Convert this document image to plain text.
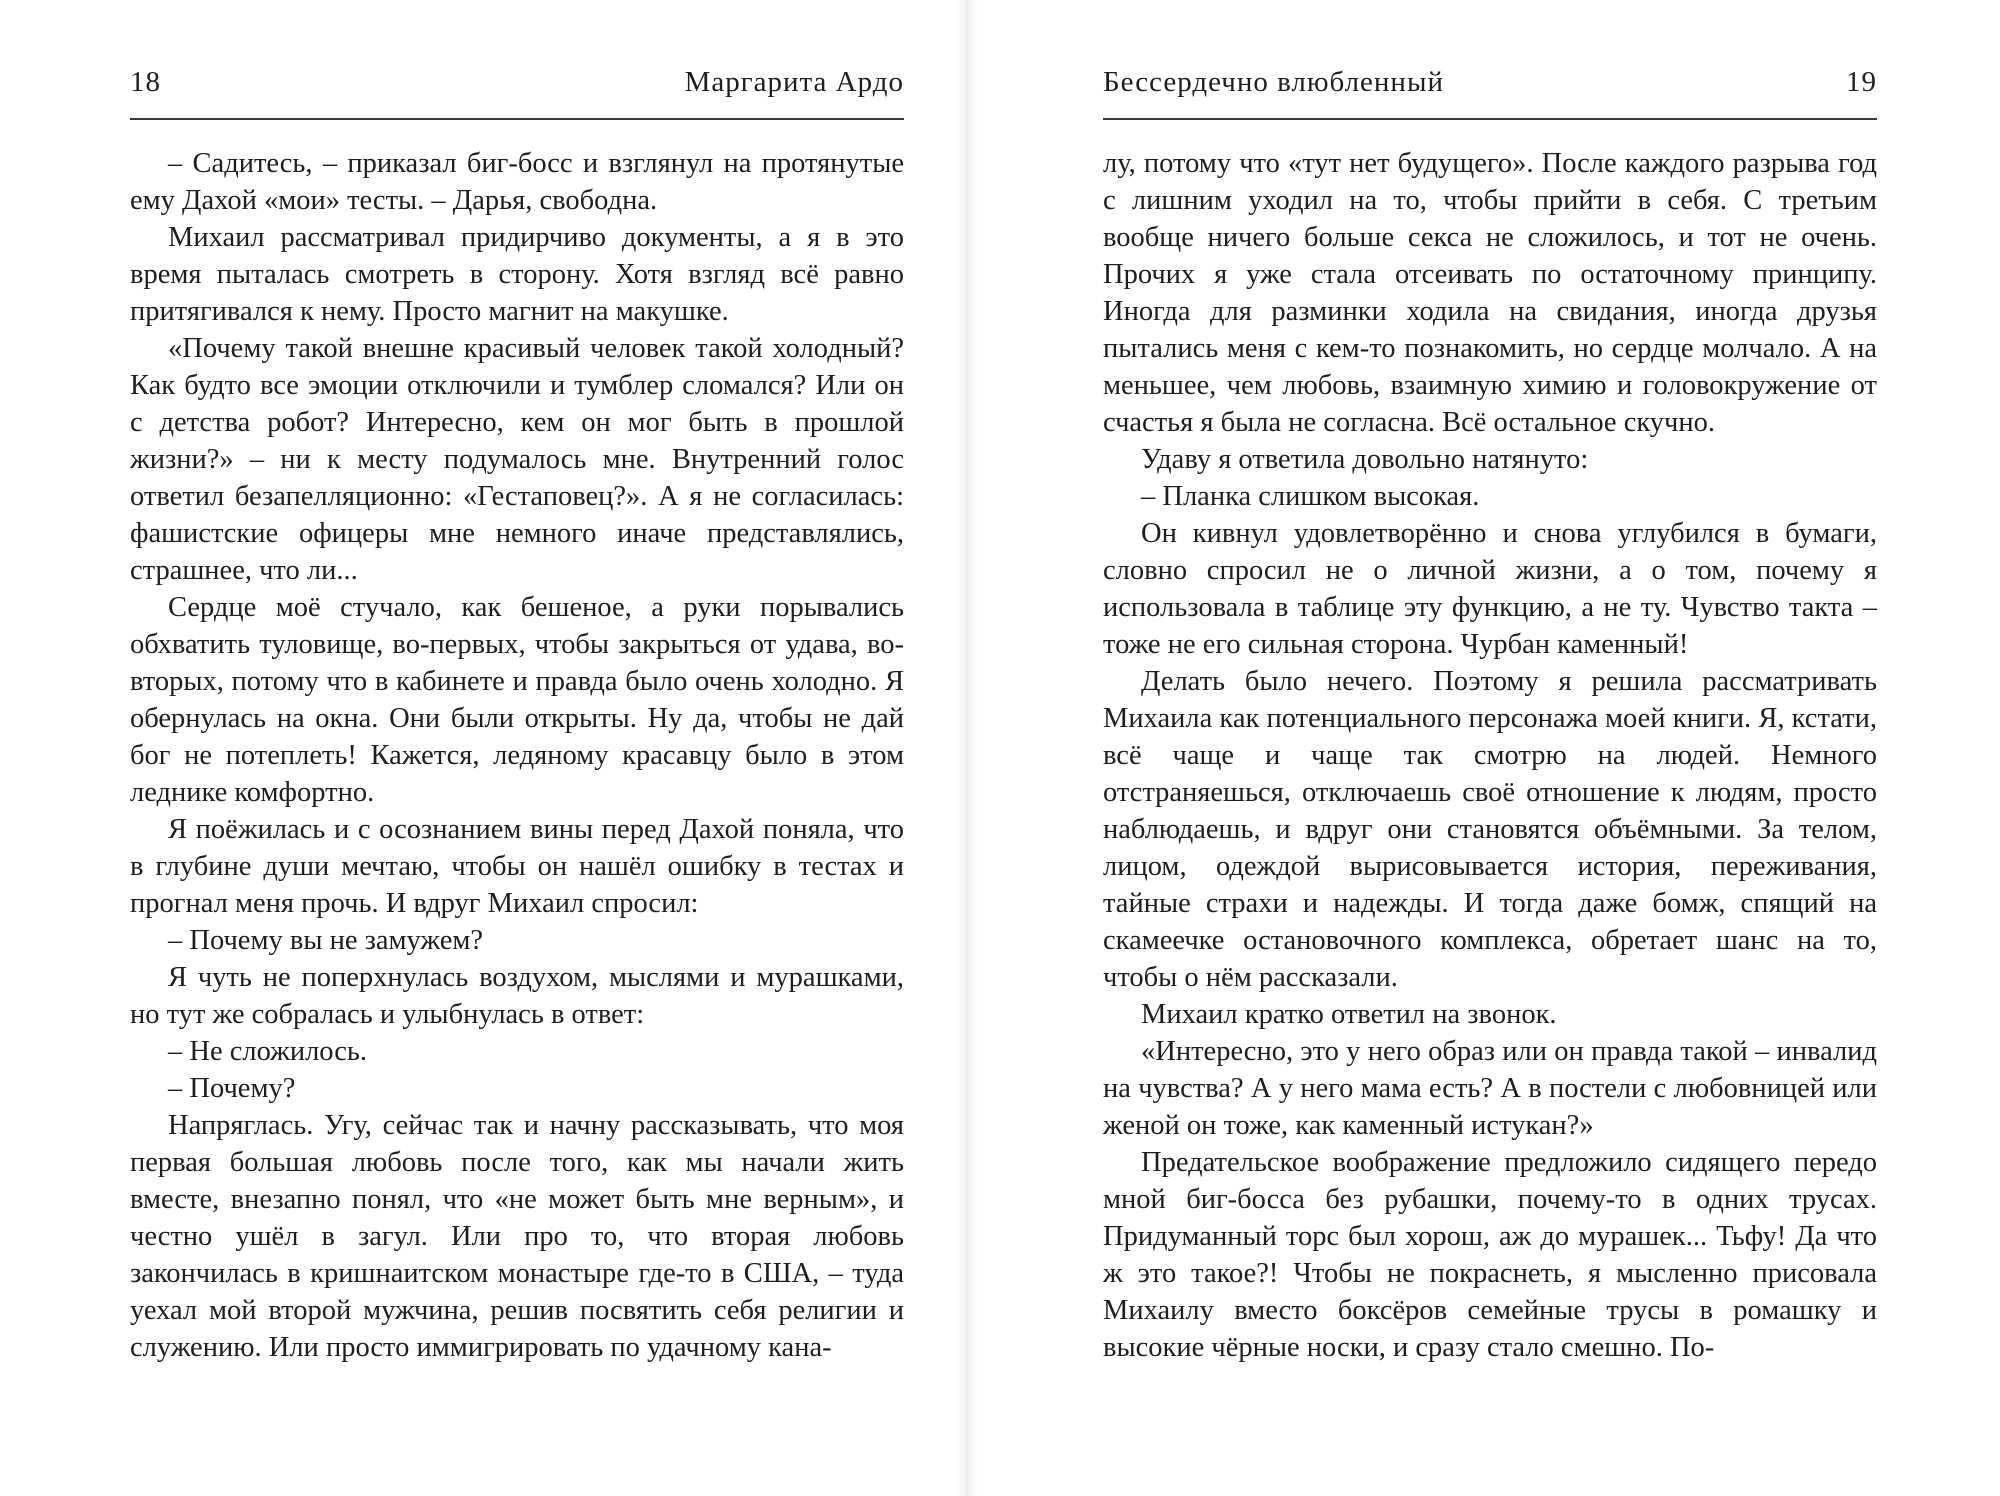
18	Маргарита Ардо
– Садитесь, – приказал биг-босс и взглянул на протянутые ему Дахой «мои» тесты. – Дарья, свободна.
Михаил рассматривал придирчиво документы, а я в это время пыталась смотреть в сторону. Хотя взгляд всё равно притягивался к нему. Просто магнит на макушке.
«Почему такой внешне красивый человек такой холодный? Как будто все эмоции отключили и тумблер сломался? Или он с детства робот? Интересно, кем он мог быть в прошлой жизни?» – ни к месту подумалось мне. Внутренний голос ответил безапелляционно: «Гестаповец?». А я не согласилась: фашистские офицеры мне немного иначе представлялись, страшнее, что ли...
Сердце моё стучало, как бешеное, а руки порывались обхватить туловище, во-первых, чтобы закрыться от удава, во-вторых, потому что в кабинете и правда было очень холодно. Я обернулась на окна. Они были открыты. Ну да, чтобы не дай бог не потеплеть! Кажется, ледяному красавцу было в этом леднике комфортно.
Я поёжилась и с осознанием вины перед Дахой поняла, что в глубине души мечтаю, чтобы он нашёл ошибку в тестах и прогнал меня прочь. И вдруг Михаил спросил:
– Почему вы не замужем?
Я чуть не поперхнулась воздухом, мыслями и мурашками, но тут же собралась и улыбнулась в ответ:
– Не сложилось.
– Почему?
Напряглась. Угу, сейчас так и начну рассказывать, что моя первая большая любовь после того, как мы начали жить вместе, внезапно понял, что «не может быть мне верным», и честно ушёл в загул. Или про то, что вторая любовь закончилась в кришнаитском монастыре где-то в США, – туда уехал мой второй мужчина, решив посвятить себя религии и служению. Или просто иммигрировать по удачному кана-
Бессердечно влюбленный	19
лу, потому что «тут нет будущего». После каждого разрыва год с лишним уходил на то, чтобы прийти в себя. С третьим вообще ничего больше секса не сложилось, и тот не очень. Прочих я уже стала отсеивать по остаточному принципу. Иногда для разминки ходила на свидания, иногда друзья пытались меня с кем-то познакомить, но сердце молчало. А на меньшее, чем любовь, взаимную химию и головокружение от счастья я была не согласна. Всё остальное скучно.
Удаву я ответила довольно натянуто:
– Планка слишком высокая.
Он кивнул удовлетворённо и снова углубился в бумаги, словно спросил не о личной жизни, а о том, почему я использовала в таблице эту функцию, а не ту. Чувство такта – тоже не его сильная сторона. Чурбан каменный!
Делать было нечего. Поэтому я решила рассматривать Михаила как потенциального персонажа моей книги. Я, кстати, всё чаще и чаще так смотрю на людей. Немного отстраняешься, отключаешь своё отношение к людям, просто наблюдаешь, и вдруг они становятся объёмными. За телом, лицом, одеждой вырисовывается история, переживания, тайные страхи и надежды. И тогда даже бомж, спящий на скамеечке остановочного комплекса, обретает шанс на то, чтобы о нём рассказали.
Михаил кратко ответил на звонок.
«Интересно, это у него образ или он правда такой – инвалид на чувства? А у него мама есть? А в постели с любовницей или женой он тоже, как каменный истукан?»
Предательское воображение предложило сидящего передо мной биг-босса без рубашки, почему-то в одних трусах. Придуманный торс был хорош, аж до мурашек... Тьфу! Да что ж это такое?! Чтобы не покраснеть, я мысленно присовала Михаилу вместо боксёров семейные трусы в ромашку и высокие чёрные носки, и сразу стало смешно. По-
